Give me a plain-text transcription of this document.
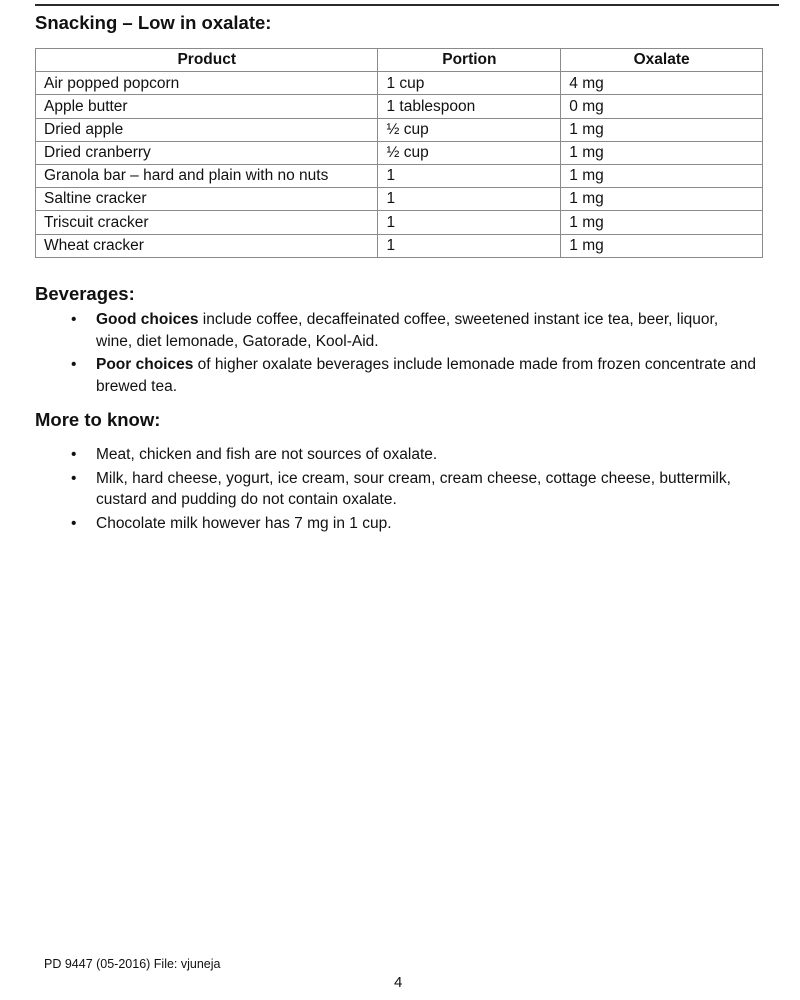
Snacking – Low in oxalate:
Product	Portion	Oxalate
Air popped popcorn	1 cup	4 mg
Apple butter	1 tablespoon	0 mg
Dried apple	½ cup	1 mg
Dried cranberry	½ cup	1 mg
Granola bar – hard and plain with no nuts	1	1 mg
Saltine cracker	1	1 mg
Triscuit cracker	1	1 mg
Wheat cracker	1	1 mg
Beverages:
• Good choices include coffee, decaffeinated coffee, sweetened instant ice tea, beer, liquor, wine, diet lemonade, Gatorade, Kool-Aid.
• Poor choices of higher oxalate beverages include lemonade made from frozen concentrate and brewed tea.
More to know:
• Meat, chicken and fish are not sources of oxalate.
• Milk, hard cheese, yogurt, ice cream, sour cream, cream cheese, cottage cheese, buttermilk, custard and pudding do not contain oxalate.
• Chocolate milk however has 7 mg in 1 cup.
PD 9447 (05-2016) File: vjuneja
4
